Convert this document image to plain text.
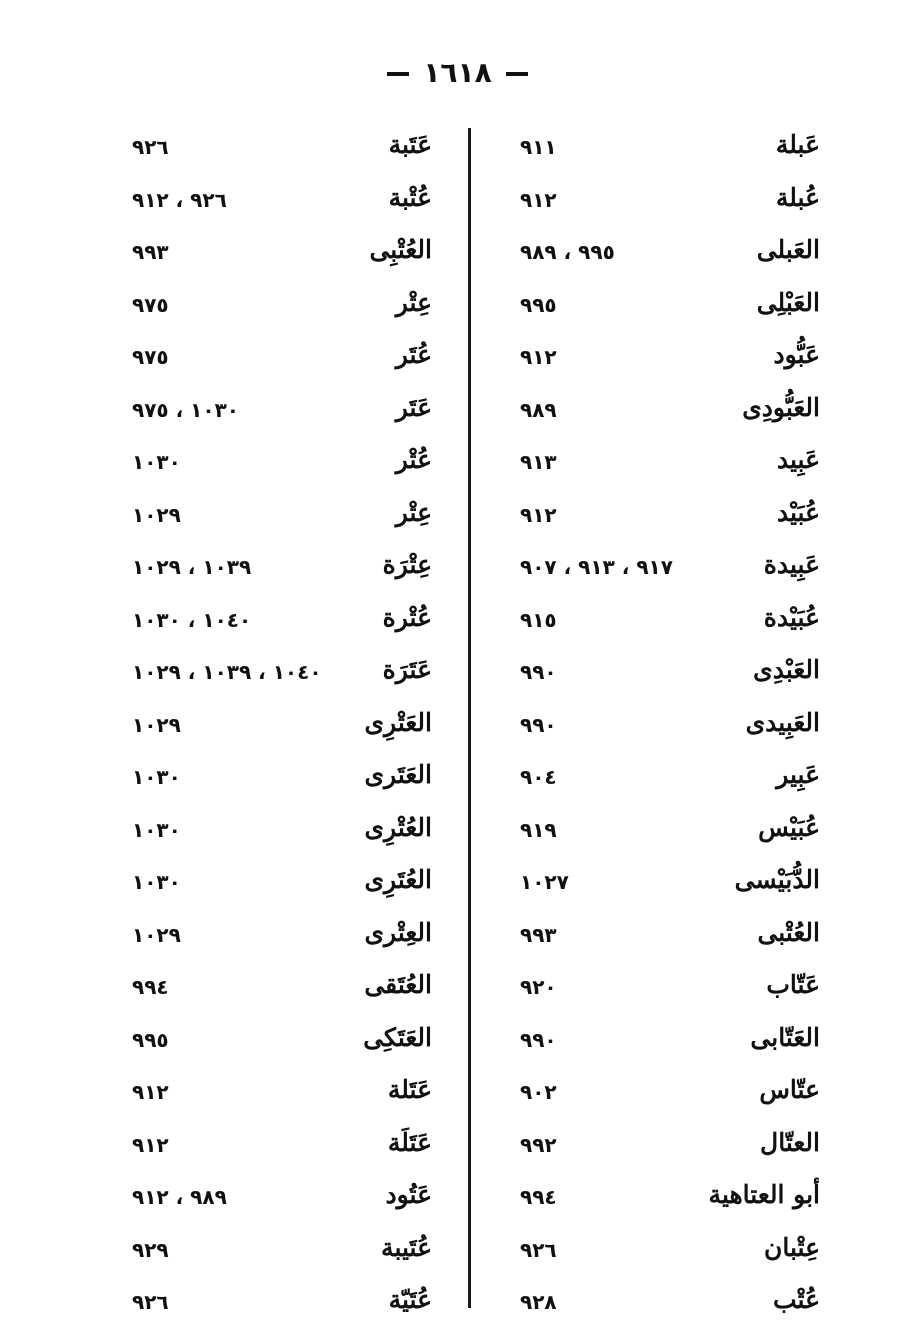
١٦١٨
عَبلة
٩١١
عُبلة
٩١٢
العَبلى
٩٩٥ ، ٩٨٩
العَبْلِى
٩٩٥
عَبُّود
٩١٢
العَبُّودِى
٩٨٩
عَبِيد
٩١٣
عُبَيْد
٩١٢
عَبِيدة
٩١٧ ، ٩١٣ ، ٩٠٧
عُبَيْدة
٩١٥
العَبْدِى
٩٩٠
العَبِيدى
٩٩٠
عَبِير
٩٠٤
عُبَيْس
٩١٩
الدُّبَيْسى
١٠٢٧
العُتْبى
٩٩٣
عَتّاب
٩٢٠
العَتّابى
٩٩٠
عتّاس
٩٠٢
العتّال
٩٩٢
أبو العتاهية
٩٩٤
عِتْبان
٩٢٦
عُتْب
٩٢٨
عَتَبة
٩٢٦
عُتْبة
٩٢٦ ، ٩١٢
العُتْبِى
٩٩٣
عِتْر
٩٧٥
عُتَر
٩٧٥
عَتَر
١٠٣٠ ، ٩٧٥
عُتْر
١٠٣٠
عِتْر
١٠٢٩
عِتْرَة
١٠٣٩ ، ١٠٢٩
عُتْرة
١٠٤٠ ، ١٠٣٠
عَتَرَة
١٠٤٠ ، ١٠٣٩ ، ١٠٢٩
العَتْرِى
١٠٢٩
العَتَرى
١٠٣٠
العُتْرِى
١٠٣٠
العُتَرِى
١٠٣٠
العِتْرى
١٠٢٩
العُتَقى
٩٩٤
العَتَكِى
٩٩٥
عَتَلة
٩١٢
عَتَلَة
٩١٢
عَتُود
٩٨٩ ، ٩١٢
عُتَيبة
٩٢٩
عُتَيّة
٩٢٦
